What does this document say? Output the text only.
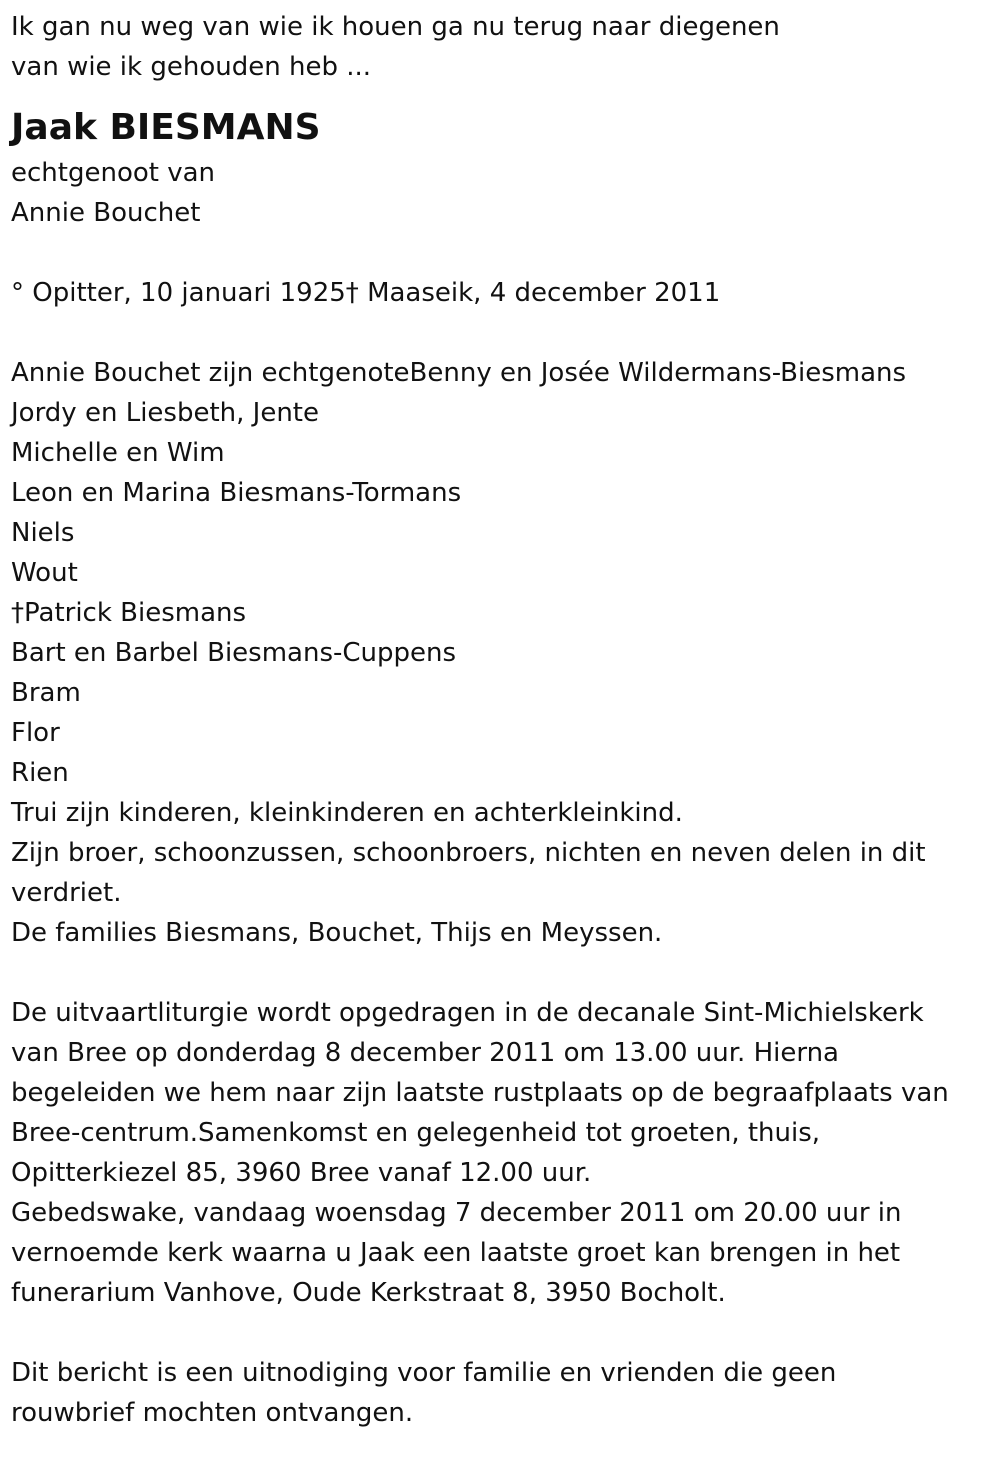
Ik gan nu weg van wie ik houen ga nu terug naar diegenen

van wie ik gehouden heb ...

Jaak BIESMANS

echtgenoot van

Annie Bouchet

° Opitter, 10 januari 1925† Maaseik, 4 december 2011

Annie Bouchet zijn echtgenoteBenny en Josée Wildermans-Biesmans

Jordy en Liesbeth, Jente

Michelle en Wim

Leon en Marina Biesmans-Tormans

Niels

Wout

†Patrick Biesmans

Bart en Barbel Biesmans-Cuppens

Bram

Flor

Rien

Trui zijn kinderen, kleinkinderen en achterkleinkind.

Zijn broer, schoonzussen, schoonbroers, nichten en neven delen in dit

verdriet.

De families Biesmans, Bouchet, Thijs en Meyssen.

De uitvaartliturgie wordt opgedragen in de decanale Sint-Michielskerk

van Bree op donderdag 8 december 2011 om 13.00 uur. Hierna

begeleiden we hem naar zijn laatste rustplaats op de begraafplaats van

Bree-centrum.Samenkomst en gelegenheid tot groeten, thuis,

Opitterkiezel 85, 3960 Bree vanaf 12.00 uur.

Gebedswake, vandaag woensdag 7 december 2011 om 20.00 uur in

vernoemde kerk waarna u Jaak een laatste groet kan brengen in het

funerarium Vanhove, Oude Kerkstraat 8, 3950 Bocholt.

Dit bericht is een uitnodiging voor familie en vrienden die geen

rouwbrief mochten ontvangen.
